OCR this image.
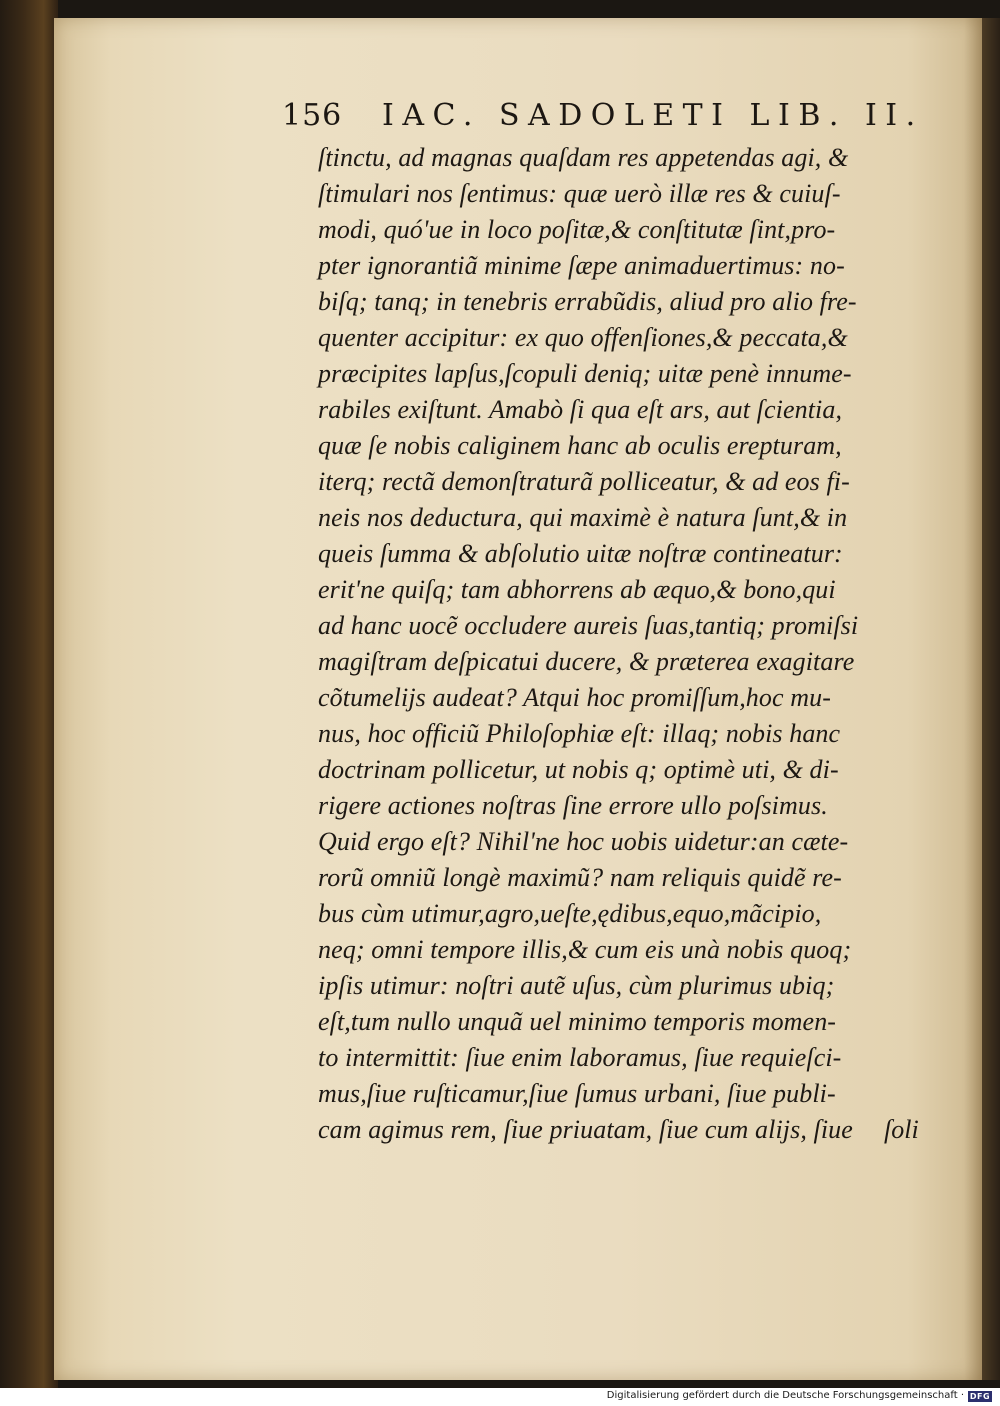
156 IAC. SADOLETI LIB. II.
ſtinctu, ad magnas quaſdam res appetendas agi, &
ſtimulari nos ſentimus: quæ uerò illæ res & cuiuſ-
modi, quó'ue in loco poſitæ,& conſtitutæ ſint,pro-
pter ignorantiã minime ſæpe animaduertimus: no-
biſq; tanq; in tenebris errabũdis, aliud pro alio fre-
quenter accipitur: ex quo offenſiones,& peccata,&
præcipites lapſus,ſcopuli deniq; uitæ penè innume-
rabiles exiſtunt. Amabò ſi qua eſt ars, aut ſcientia,
quæ ſe nobis caliginem hanc ab oculis erepturam,
iterq; rectã demonſtraturã polliceatur, & ad eos fi-
neis nos deductura, qui maximè è natura ſunt,& in
queis ſumma & abſolutio uitæ noſtræ contineatur:
erit'ne quiſq; tam abhorrens ab æquo,& bono,qui
ad hanc uocẽ occludere aureis ſuas,tantiq; promiſsi
magiſtram deſpicatui ducere, & præterea exagitare
cõtumelijs audeat? Atqui hoc promiſſum,hoc mu-
nus, hoc officiũ Philoſophiæ eſt: illaq; nobis hanc
doctrinam pollicetur, ut nobis q; optimè uti, & di-
rigere actiones noſtras ſine errore ullo poſsimus.
Quid ergo eſt? Nihil'ne hoc uobis uidetur:an cæte-
rorũ omniũ longè maximũ? nam reliquis quidẽ re-
bus cùm utimur,agro,ueſte,ędibus,equo,mãcipio,
neq; omni tempore illis,& cum eis unà nobis quoq;
ipſis utimur: noſtri autẽ uſus, cùm plurimus ubiq;
eſt,tum nullo unquã uel minimo temporis momen-
to intermittit: ſiue enim laboramus, ſiue requieſci-
mus,ſiue ruſticamur,ſiue ſumus urbani, ſiue publi-
cam agimus rem, ſiue priuatam, ſiue cum alijs, ſiue	ſoli
Digitalisierung gefördert durch die Deutsche Forschungsgemeinschaft · DFG
